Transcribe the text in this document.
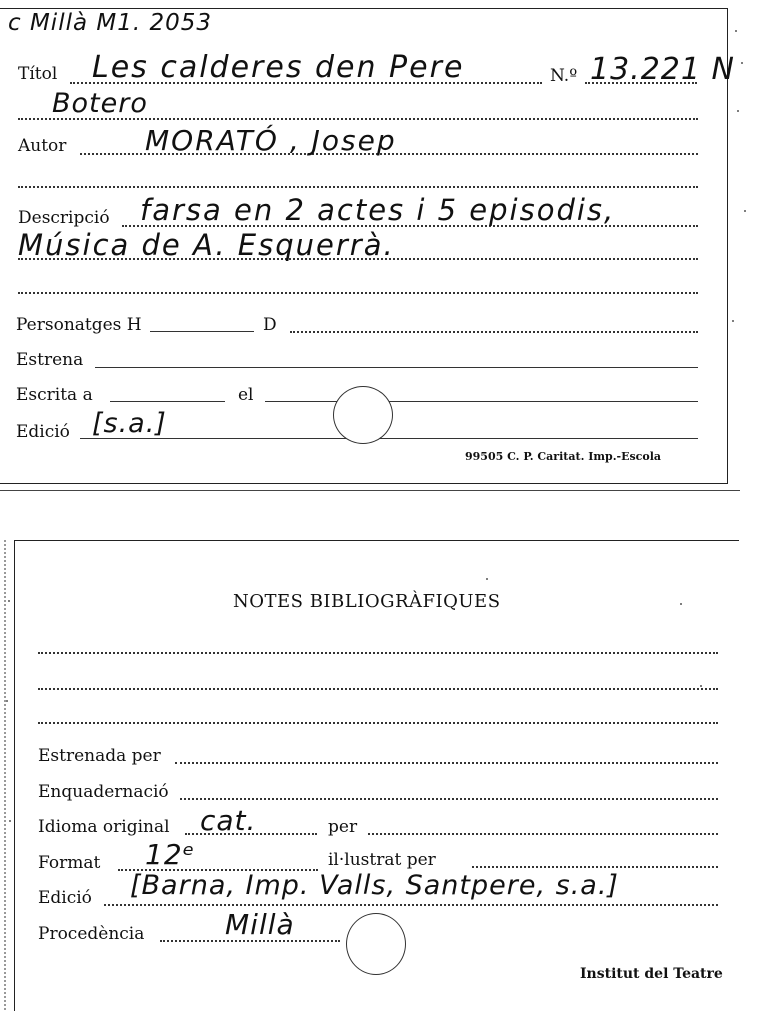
c Millà M1. 2053
Títol Les calderes den Pere	N.º 13.221 N
Botero
Autor	MORATÓ , Josep
Descripció farsa en 2 actes i 5 episodis,
Música de A. Esquerrà.
Personatges H	D
Estrena
Escrita a	el
Edició [s.a.]
99505 C. P. Caritat. Imp.-Escola
NOTES BIBLIOGRÀFIQUES
Estrenada per
Enquadernació
Idioma original cat.	per
Format 12ᵉ	il·lustrat per
Edició [Barna, Imp. Valls, Santpere, s.a.]
Procedència	Millà
Institut del Teatre
